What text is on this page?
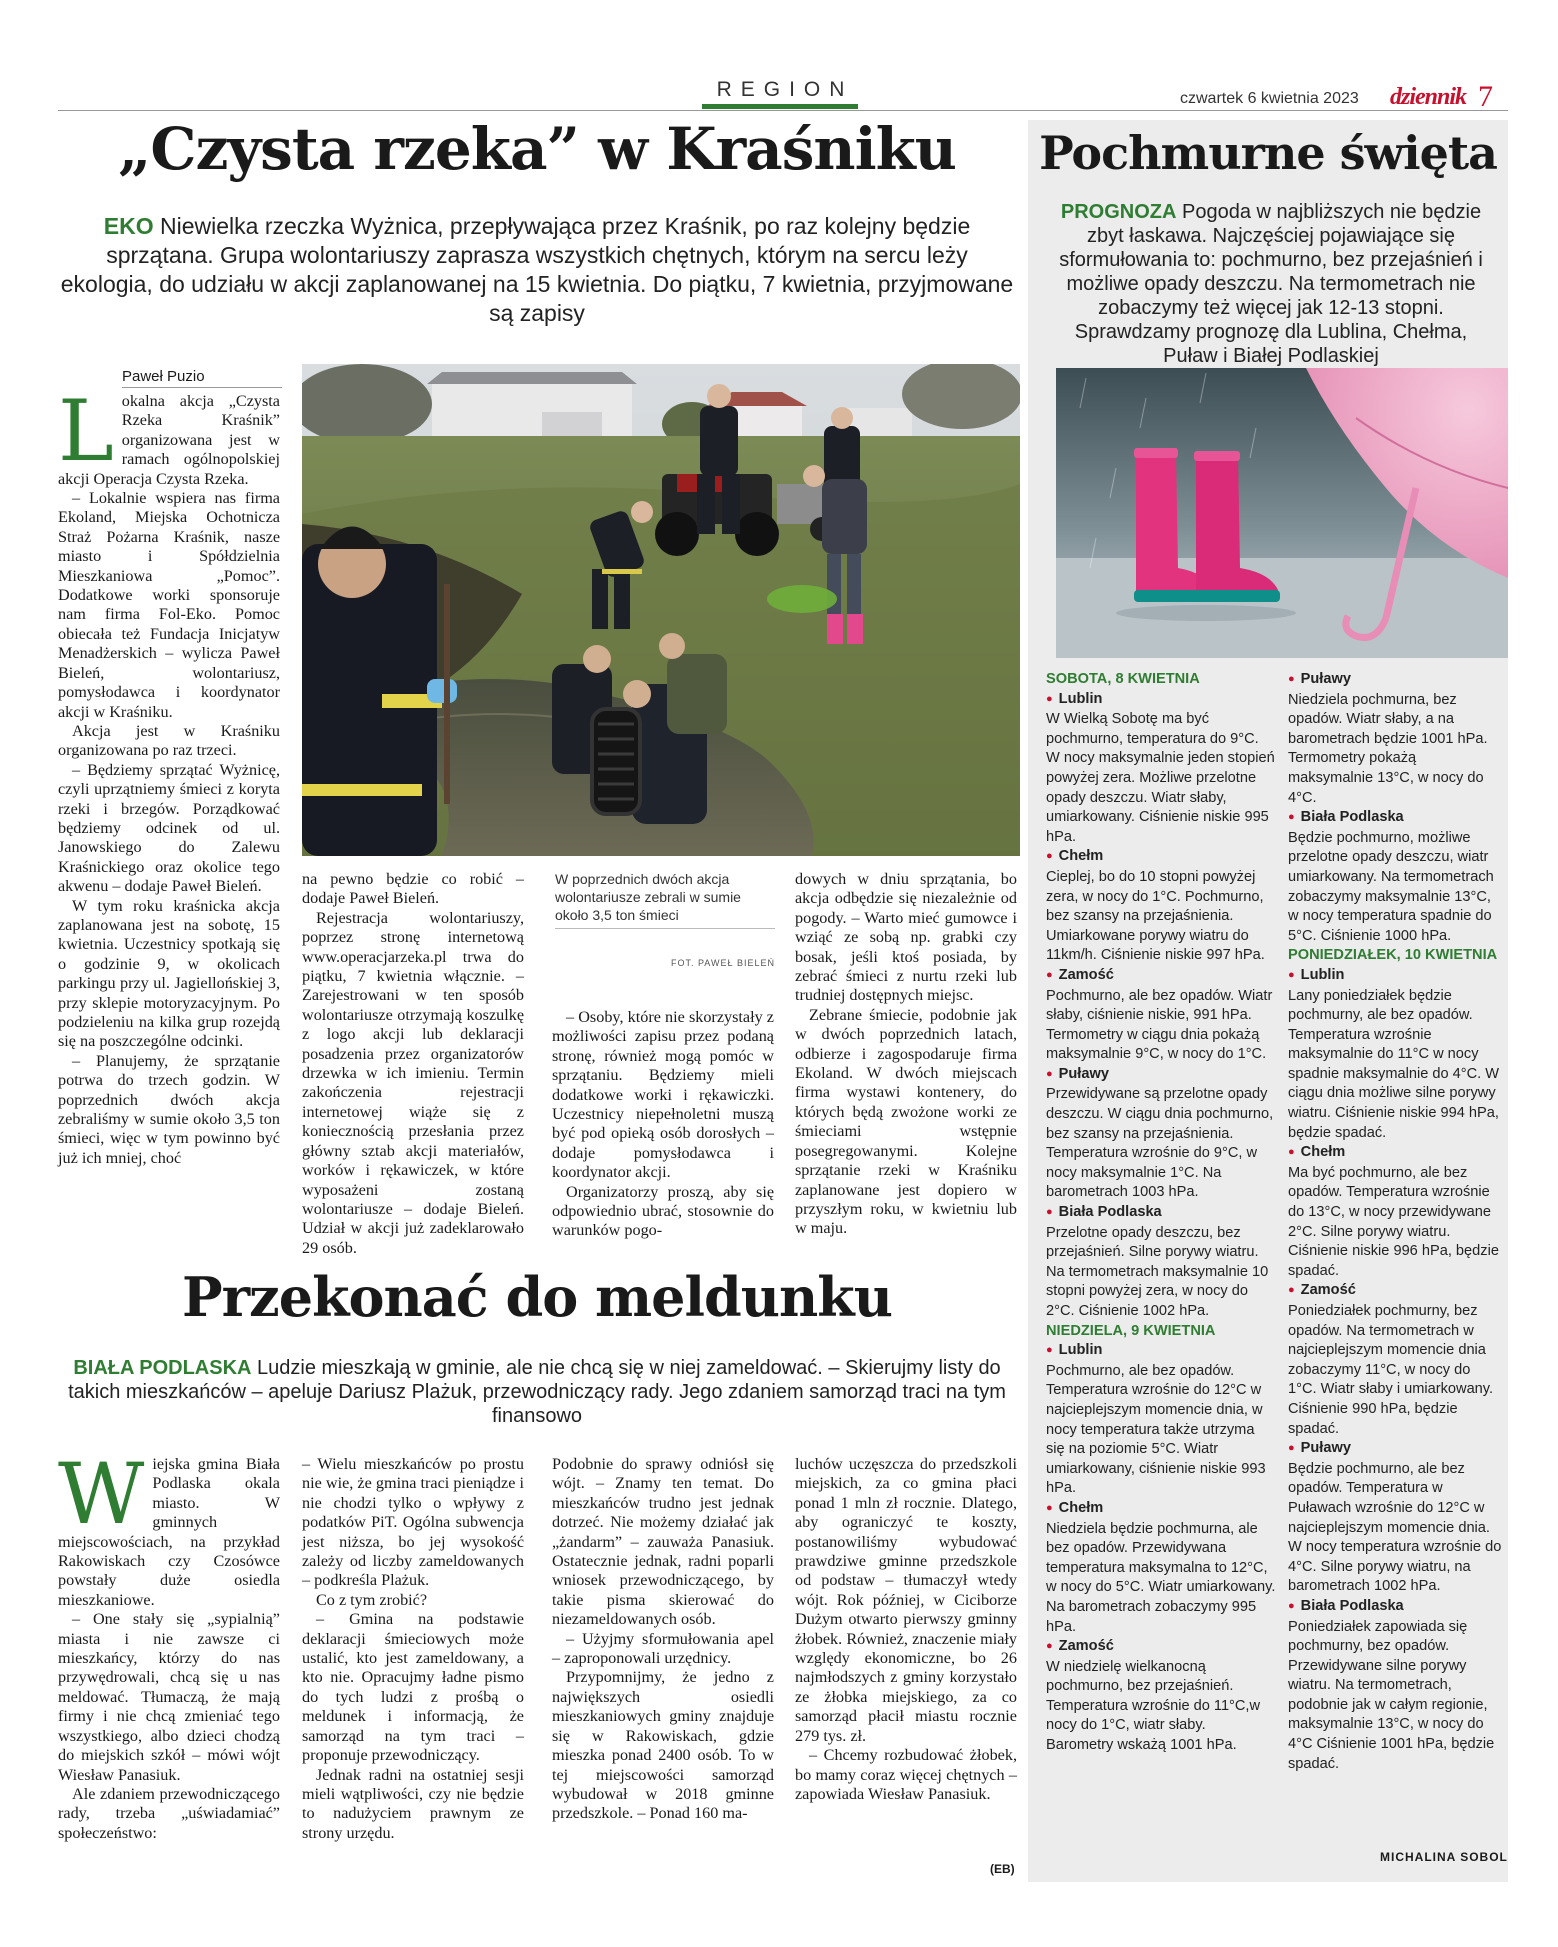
REGION	czwartek 6 kwietnia 2023 dziennik 7
„Czysta rzeka” w Kraśniku
EKO Niewielka rzeczka Wyżnica, przepływająca przez Kraśnik, po raz kolejny będzie sprzątana. Grupa wolontariuszy zaprasza wszystkich chętnych, którym na sercu leży ekologia, do udziału w akcji zaplanowanej na 15 kwietnia. Do piątku, 7 kwietnia, przyjmowane są zapisy
Paweł Puzio

Lokalna akcja „Czysta Rzeka Kraśnik” organizowana jest w ramach ogólnopolskiej akcji Operacja Czysta Rzeka.

– Lokalnie wspiera nas firma Ekoland, Miejska Ochotnicza Straż Pożarna Kraśnik, nasze miasto i Spółdzielnia Mieszkaniowa „Pomoc”. Dodatkowe worki sponsoruje nam firma Fol-Eko. Pomoc obiecała też Fundacja Inicjatyw Menadżerskich – wylicza Paweł Bieleń, wolontariusz, pomysłodawca i koordynator akcji w Kraśniku.

Akcja jest w Kraśniku organizowana po raz trzeci.

– Będziemy sprzątać Wyżnicę, czyli uprzątniemy śmieci z koryta rzeki i brzegów. Porządkować będziemy odcinek od ul. Janowskiego do Zalewu Kraśnickiego oraz okolice tego akwenu – dodaje Paweł Bieleń.

W tym roku kraśnicka akcja zaplanowana jest na sobotę, 15 kwietnia. Uczestnicy spotkają się o godzinie 9, w okolicach parkingu przy ul. Jagiellońskiej 3, przy sklepie motoryzacyjnym. Po podzieleniu na kilka grup rozejdą się na poszczególne odcinki.

– Planujemy, że sprzątanie potrwa do trzech godzin. W poprzednich dwóch akcja zebraliśmy w sumie około 3,5 ton śmieci, więc w tym powinno być już ich mniej, choć

na pewno będzie co robić – dodaje Paweł Bieleń.

Rejestracja wolontariuszy, poprzez stronę internetową www.operacjarzeka.pl trwa do piątku, 7 kwietnia włącznie. – Zarejestrowani w ten sposób wolontariusze otrzymają koszulkę z logo akcji lub deklaracji posadzenia przez organizatorów drzewka w ich imieniu. Termin zakończenia rejestracji internetowej wiąże się z koniecznością przesłania przez główny sztab akcji materiałów, worków i rękawiczek, w które wyposażeni zostaną wolontariusze – dodaje Bieleń. Udział w akcji już zadeklarowało 29 osób.

W poprzednich dwóch akcja wolontariusze zebrali w sumie około 3,5 ton śmieci
FOT. PAWEŁ BIELEŃ

– Osoby, które nie skorzystały z możliwości zapisu przez podaną stronę, również mogą pomóc w sprzątaniu. Będziemy mieli dodatkowe worki i rękawiczki. Uczestnicy niepełnoletni muszą być pod opieką osób dorosłych – dodaje pomysłodawca i koordynator akcji.

Organizatorzy proszą, aby się odpowiednio ubrać, stosownie do warunków pogo-

dowych w dniu sprzątania, bo akcja odbędzie się niezależnie od pogody. – Warto mieć gumowce i wziąć ze sobą np. grabki czy bosak, jeśli ktoś posiada, by zebrać śmieci z nurtu rzeki lub trudniej dostępnych miejsc.

Zebrane śmiecie, podobnie jak w dwóch poprzednich latach, odbierze i zagospodaruje firma Ekoland. W dwóch miejscach firma wystawi kontenery, do których będą zwożone worki ze śmieciami wstępnie posegregowanymi. Kolejne sprzątanie rzeki w Kraśniku zaplanowane jest dopiero w przyszłym roku, w kwietniu lub w maju.

Przekonać do meldunku
BIAŁA PODLASKA Ludzie mieszkają w gminie, ale nie chcą się w niej zameldować. – Skierujmy listy do takich mieszkańców – apeluje Dariusz Plażuk, przewodniczący rady. Jego zdaniem samorząd traci na tym finansowo

Wiejska gmina Biała Podlaska okala miasto. W gminnych miejscowościach, na przykład Rakowiskach czy Czosówce powstały duże osiedla mieszkaniowe.

– One stały się „sypialnią” miasta i nie zawsze ci mieszkańcy, którzy do nas przywędrowali, chcą się u nas meldować. Tłumaczą, że mają firmy i nie chcą zmieniać tego wszystkiego, albo dzieci chodzą do miejskich szkół – mówi wójt Wiesław Panasiuk.

Ale zdaniem przewodniczącego rady, trzeba „uświadamiać” społeczeństwo:

– Wielu mieszkańców po prostu nie wie, że gmina traci pieniądze i nie chodzi tylko o wpływy z podatków PiT. Ogólna subwencja jest niższa, bo jej wysokość zależy od liczby zameldowanych – podkreśla Plażuk.

Co z tym zrobić?

– Gmina na podstawie deklaracji śmieciowych może ustalić, kto jest zameldowany, a kto nie. Opracujmy ładne pismo do tych ludzi z prośbą o meldunek i informacją, że samorząd na tym traci – proponuje przewodniczący.

Jednak radni na ostatniej sesji mieli wątpliwości, czy nie będzie to nadużyciem prawnym ze strony urzędu.

Podobnie do sprawy odniósł się wójt. – Znamy ten temat. Do mieszkańców trudno jest jednak dotrzeć. Nie możemy działać jak „żandarm” – zauważa Panasiuk. Ostatecznie jednak, radni poparli wniosek przewodniczącego, by takie pisma skierować do niezameldowanych osób.

– Użyjmy sformułowania apel – zaproponowali urzędnicy.

Przypomnijmy, że jedno z największych osiedli mieszkaniowych gminy znajduje się w Rakowiskach, gdzie mieszka ponad 2400 osób. To w tej miejscowości samorząd wybudował w 2018 gminne przedszkole. – Ponad 160 ma-

luchów uczęszcza do przedszkoli miejskich, za co gmina płaci ponad 1 mln zł rocznie. Dlatego, aby ograniczyć te koszty, postanowiliśmy wybudować prawdziwe gminne przedszkole od podstaw – tłumaczył wtedy wójt. Rok później, w Ciciborze Dużym otwarto pierwszy gminny żłobek. Również, znaczenie miały względy ekonomiczne, bo 26 najmłodszych z gminy korzystało ze żłobka miejskiego, za co samorząd płacił miastu rocznie 279 tys. zł.

– Chcemy rozbudować żłobek, bo mamy coraz więcej chętnych – zapowiada Wiesław Panasiuk.

(EB)
Pochmurne święta
PROGNOZA Pogoda w najbliższych nie będzie zbyt łaskawa. Najczęściej pojawiające się sformułowania to: pochmurno, bez przejaśnień i możliwe opady deszczu. Na termometrach nie zobaczymy też więcej jak 12-13 stopni. Sprawdzamy prognozę dla Lublina, Chełma, Puław i Białej Podlaskiej
SOBOTA, 8 KWIETNIA
● Lublin
W Wielką Sobotę ma być pochmurno, temperatura do 9°C. W nocy maksymalnie jeden stopień powyżej zera. Możliwe przelotne opady deszczu. Wiatr słaby, umiarkowany. Ciśnienie niskie 995 hPa.
● Chełm
Cieplej, bo do 10 stopni powyżej zera, w nocy do 1°C. Pochmurno, bez szansy na przejaśnienia. Umiarkowane porywy wiatru do 11km/h. Ciśnienie niskie 997 hPa.
● Zamość
Pochmurno, ale bez opadów. Wiatr słaby, ciśnienie niskie, 991 hPa. Termometry w ciągu dnia pokażą maksymalnie 9°C, w nocy do 1°C.
● Puławy
Przewidywane są przelotne opady deszczu. W ciągu dnia pochmurno, bez szansy na przejaśnienia. Temperatura wzrośnie do 9°C, w nocy maksymalnie 1°C. Na barometrach 1003 hPa.
● Biała Podlaska
Przelotne opady deszczu, bez przejaśnień. Silne porywy wiatru. Na termometrach maksymalnie 10 stopni powyżej zera, w nocy do 2°C. Ciśnienie 1002 hPa.
NIEDZIELA, 9 KWIETNIA
● Lublin
Pochmurno, ale bez opadów. Temperatura wzrośnie do 12°C w najcieplejszym momencie dnia, w nocy temperatura także utrzyma się na poziomie 5°C. Wiatr umiarkowany, ciśnienie niskie 993 hPa.
● Chełm
Niedziela będzie pochmurna, ale bez opadów. Przewidywana temperatura maksymalna to 12°C, w nocy do 5°C. Wiatr umiarkowany. Na barometrach zobaczymy 995 hPa.
● Zamość
W niedzielę wielkanocną pochmurno, bez przejaśnień. Temperatura wzrośnie do 11°C,w nocy do 1°C, wiatr słaby. Barometry wskażą 1001 hPa.
● Puławy
Niedziela pochmurna, bez opadów. Wiatr słaby, a na barometrach będzie 1001 hPa. Termometry pokażą maksymalnie 13°C, w nocy do 4°C.
● Biała Podlaska
Będzie pochmurno, możliwe przelotne opady deszczu, wiatr umiarkowany. Na termometrach zobaczymy maksymalnie 13°C, w nocy temperatura spadnie do 5°C. Ciśnienie 1000 hPa.
PONIEDZIAŁEK, 10 KWIETNIA
● Lublin
Lany poniedziałek będzie pochmurny, ale bez opadów. Temperatura wzrośnie maksymalnie do 11°C w nocy spadnie maksymalnie do 4°C. W ciągu dnia możliwe silne porywy wiatru. Ciśnienie niskie 994 hPa, będzie spadać.
● Chełm
Ma być pochmurno, ale bez opadów. Temperatura wzrośnie do 13°C, w nocy przewidywane 2°C. Silne porywy wiatru. Ciśnienie niskie 996 hPa, będzie spadać.
● Zamość
Poniedziałek pochmurny, bez opadów. Na termometrach w najcieplejszym momencie dnia zobaczymy 11°C, w nocy do 1°C. Wiatr słaby i umiarkowany. Ciśnienie 990 hPa, będzie spadać.
● Puławy
Będzie pochmurno, ale bez opadów. Temperatura w Puławach wzrośnie do 12°C w najcieplejszym momencie dnia. W nocy temperatura wzrośnie do 4°C. Silne porywy wiatru, na barometrach 1002 hPa.
● Biała Podlaska
Poniedziałek zapowiada się pochmurny, bez opadów. Przewidywane silne porywy wiatru. Na termometrach, podobnie jak w całym regionie, maksymalnie 13°C, w nocy do 4°C Ciśnienie 1001 hPa, będzie spadać.
MICHALINA SOBOL
